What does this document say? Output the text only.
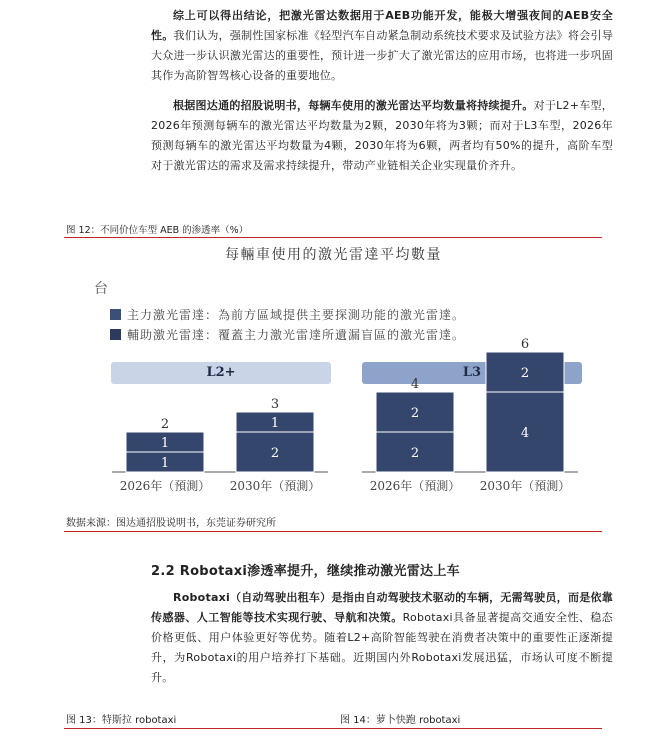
综上可以得出结论，把激光雷达数据用于AEB功能开发，能极大增强夜间的AEB安全性。我们认为，强制性国家标准《轻型汽车自动紧急制动系统技术要求及试验方法》将会引导大众进一步认识激光雷达的重要性，预计进一步扩大了激光雷达的应用市场，也将进一步巩固其作为高阶智驾核心设备的重要地位。
根据图达通的招股说明书，每辆车使用的激光雷达平均数量将持续提升。对于L2+车型，2026年预测每辆车的激光雷达平均数量为2颗，2030年将为3颗；而对于L3车型，2026年预测每辆车的激光雷达平均数量为4颗，2030年将为6颗，两者均有50%的提升，高阶车型对于激光雷达的需求及需求持续提升，带动产业链相关企业实现量价齐升。
图 12：不同价位车型 AEB 的渗透率（%）
每輛車使用的激光雷達平均數量
台
主力激光雷達：為前方區域提供主要探測功能的激光雷達。
輔助激光雷達：覆蓋主力激光雷達所遺漏盲區的激光雷達。
L2+	L3
1
1
2
2026年（預測）
2
1
3
2030年（預測）
2
2
4
2026年（預測）
4
2
6
2030年（預測）
数据来源：图达通招股说明书，东莞证券研究所
2.2 Robotaxi渗透率提升，继续推动激光雷达上车
Robotaxi（自动驾驶出租车）是指由自动驾驶技术驱动的车辆，无需驾驶员，而是依靠传感器、人工智能等技术实现行驶、导航和决策。Robotaxi具备显著提高交通安全性、稳态价格更低、用户体验更好等优势。随着L2+高阶智能驾驶在消费者决策中的重要性正逐渐提升，为Robotaxi的用户培养打下基础。近期国内外Robotaxi发展迅猛，市场认可度不断提升。
图 13：特斯拉 robotaxi	图 14：萝卜快跑 robotaxi
